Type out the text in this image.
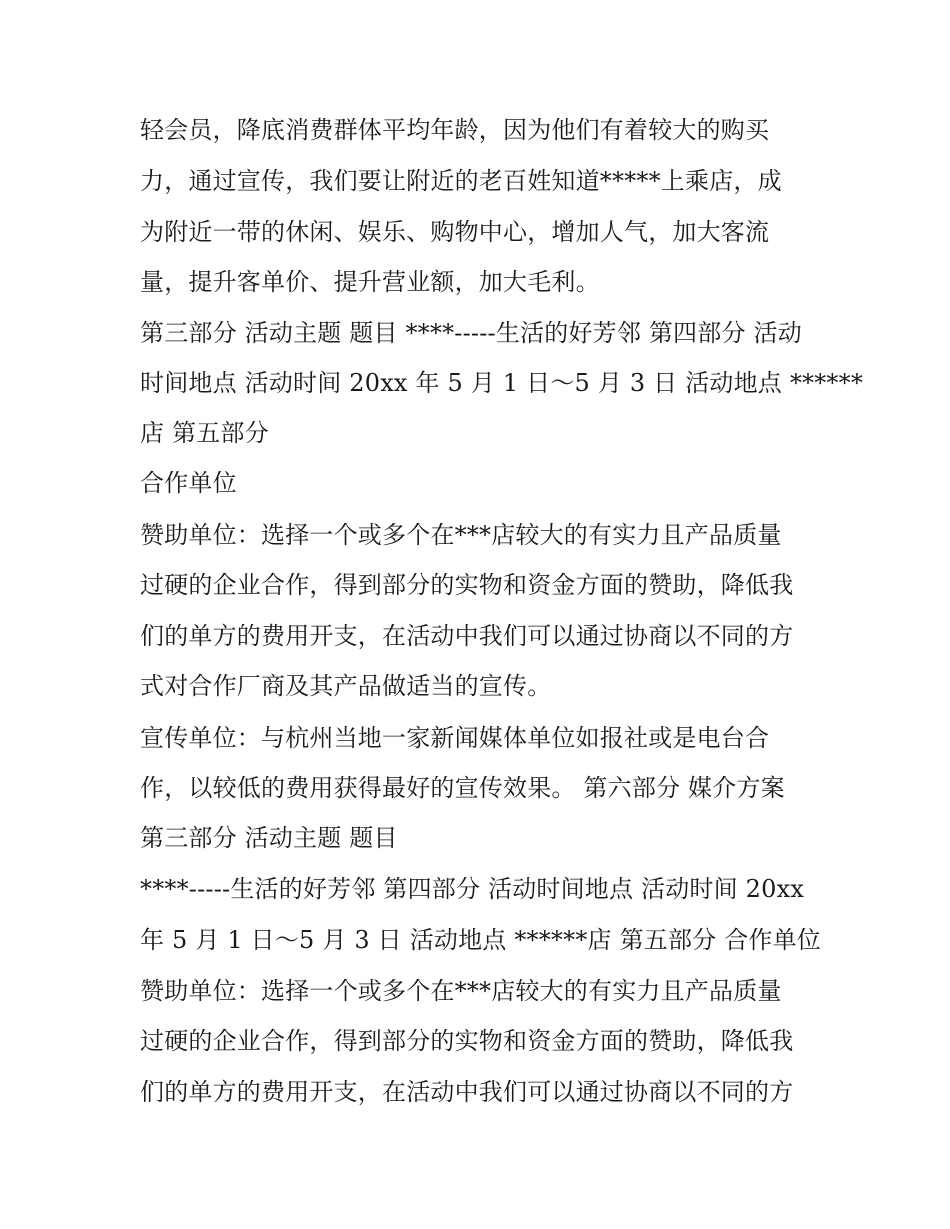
轻会员，降底消费群体平均年龄，因为他们有着较大的购买
力，通过宣传，我们要让附近的老百姓知道*****上乘店，成
为附近一带的休闲、娱乐、购物中心，增加人气，加大客流
量，提升客单价、提升营业额，加大毛利。
第三部分 活动主题 题目 ****-----生活的好芳邻 第四部分 活动
时间地点 活动时间 20xx 年 5 月 1 日～5 月 3 日 活动地点 ******
店 第五部分
合作单位
赞助单位：选择一个或多个在***店较大的有实力且产品质量
过硬的企业合作，得到部分的实物和资金方面的赞助，降低我
们的单方的费用开支，在活动中我们可以通过协商以不同的方
式对合作厂商及其产品做适当的宣传。
宣传单位：与杭州当地一家新闻媒体单位如报社或是电台合
作，以较低的费用获得最好的宣传效果。 第六部分 媒介方案
第三部分 活动主题 题目
****-----生活的好芳邻 第四部分 活动时间地点 活动时间 20xx
年 5 月 1 日～5 月 3 日 活动地点 ******店 第五部分 合作单位
赞助单位：选择一个或多个在***店较大的有实力且产品质量
过硬的企业合作，得到部分的实物和资金方面的赞助，降低我
们的单方的费用开支，在活动中我们可以通过协商以不同的方
